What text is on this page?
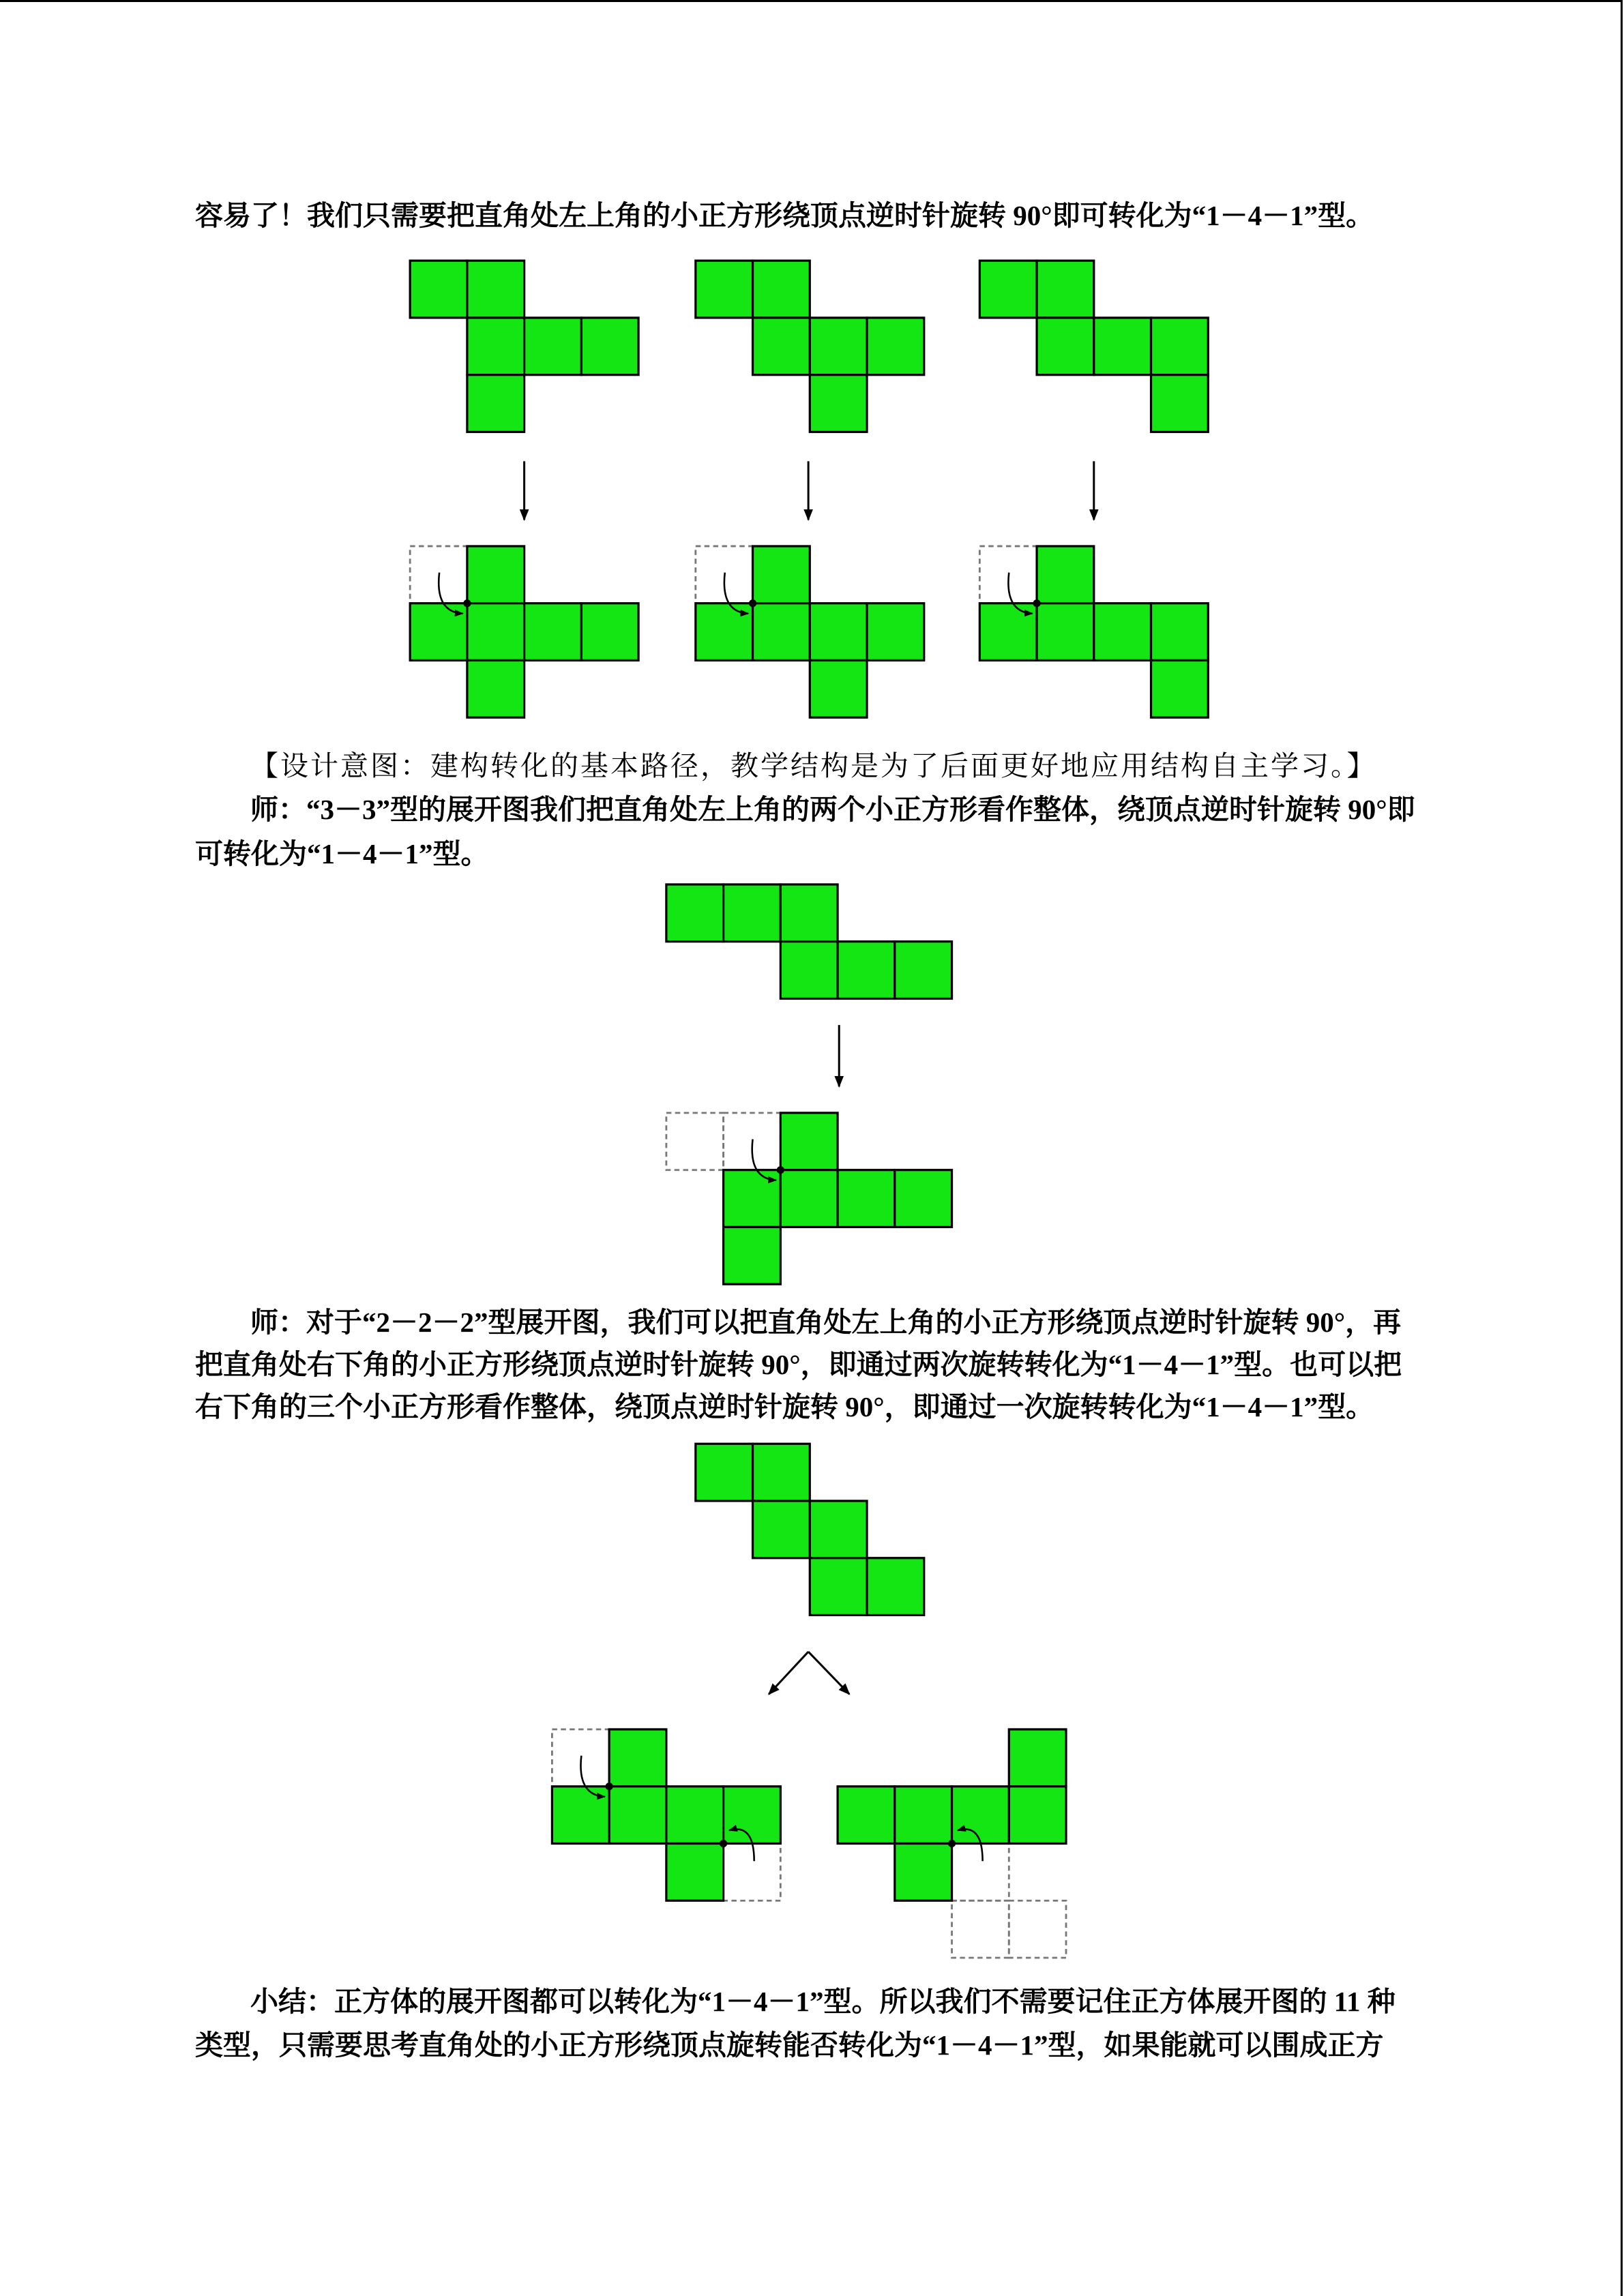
容易了！我们只需要把直角处左上角的小正方形绕顶点逆时针旋转 90°即可转化为“1－4－1”型。

【设计意图：建构转化的基本路径，教学结构是为了后面更好地应用结构自主学习。】

师：“3－3”型的展开图我们把直角处左上角的两个小正方形看作整体，绕顶点逆时针旋转 90°即

可转化为“1－4－1”型。

师：对于“2－2－2”型展开图，我们可以把直角处左上角的小正方形绕顶点逆时针旋转 90°，再

把直角处右下角的小正方形绕顶点逆时针旋转 90°，即通过两次旋转转化为“1－4－1”型。也可以把

右下角的三个小正方形看作整体，绕顶点逆时针旋转 90°，即通过一次旋转转化为“1－4－1”型。

小结：正方体的展开图都可以转化为“1－4－1”型。所以我们不需要记住正方体展开图的 11 种

类型，只需要思考直角处的小正方形绕顶点旋转能否转化为“1－4－1”型，如果能就可以围成正方
